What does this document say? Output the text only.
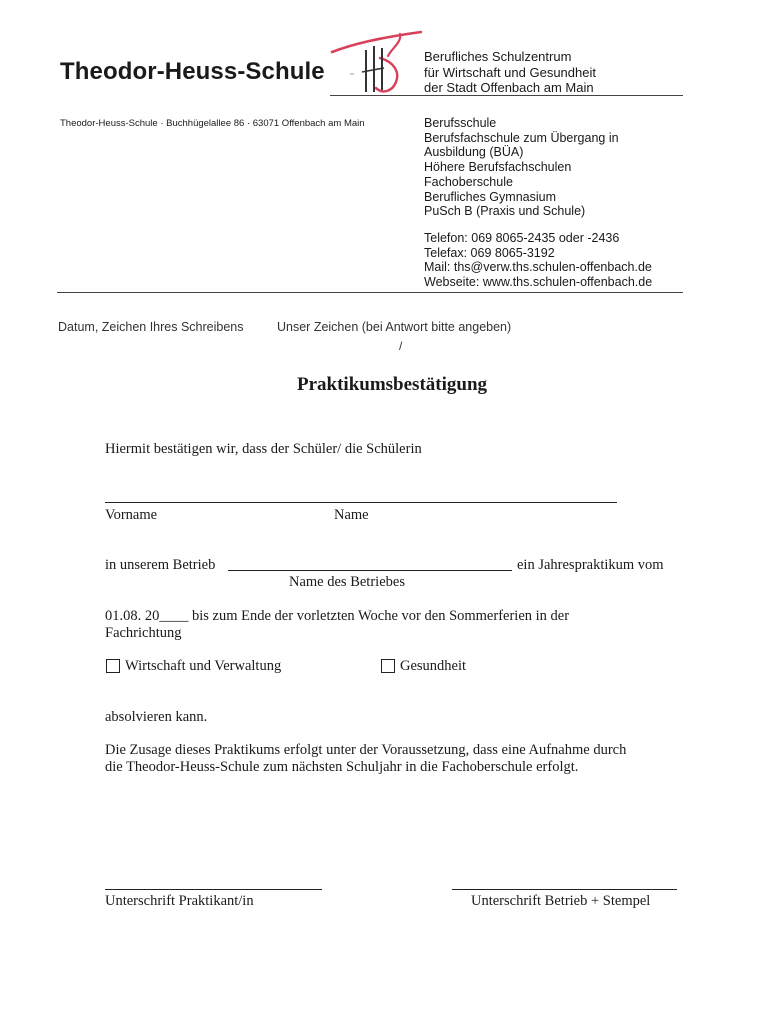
Theodor-Heuss-Schule
Berufliches Schulzentrum
für Wirtschaft und Gesundheit
der Stadt Offenbach am Main
Theodor-Heuss-Schule · Buchhügelallee 86 · 63071 Offenbach am Main	Berufsschule
Berufsfachschule zum Übergang in
Ausbildung (BÜA)
Höhere Berufsfachschulen
Fachoberschule
Berufliches Gymnasium
PuSch B (Praxis und Schule)
Telefon: 069 8065-2435 oder -2436
Telefax: 069 8065-3192
Mail: ths@verw.ths.schulen-offenbach.de
Webseite: www.ths.schulen-offenbach.de
Datum, Zeichen Ihres Schreibens	Unser Zeichen (bei Antwort bitte angeben)
/
Praktikumsbestätigung
Hiermit bestätigen wir, dass der Schüler/ die Schülerin
Vorname	Name
in unserem Betrieb	ein Jahrespraktikum vom
Name des Betriebes
01.08. 20____ bis zum Ende der vorletzten Woche vor den Sommerferien in der
Fachrichtung
Wirtschaft und Verwaltung	Gesundheit
absolvieren kann.
Die Zusage dieses Praktikums erfolgt unter der Voraussetzung, dass eine Aufnahme durch
die Theodor-Heuss-Schule zum nächsten Schuljahr in die Fachoberschule erfolgt.
Unterschrift Praktikant/in	Unterschrift Betrieb + Stempel
